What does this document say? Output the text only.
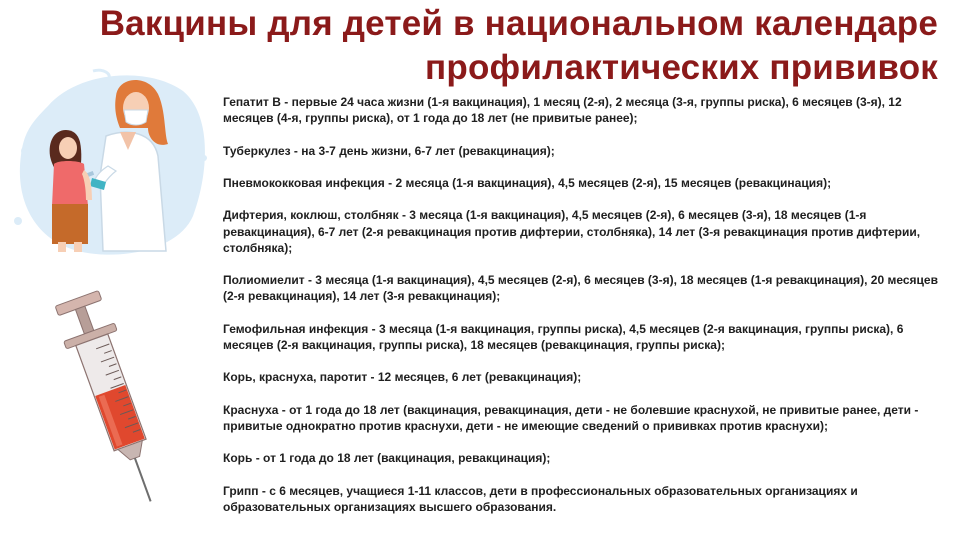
Вакцины для детей в национальном календаре
профилактических прививок

Гепатит В - первые 24 часа жизни (1-я вакцинация), 1 месяц (2-я), 2 месяца (3-я, группы риска), 6 месяцев (3-я), 12 месяцев (4-я, группы риска), от 1 года до 18 лет (не привитые ранее);

Туберкулез - на 3-7 день жизни, 6-7 лет (ревакцинация);

Пневмококковая инфекция - 2 месяца (1-я вакцинация), 4,5 месяцев (2-я), 15 месяцев (ревакцинация);

Дифтерия, коклюш, столбняк - 3 месяца (1-я вакцинация), 4,5 месяцев (2-я), 6 месяцев (3-я), 18 месяцев (1-я ревакцинация), 6-7 лет (2-я ревакцинация против дифтерии, столбняка), 14 лет (3-я ревакцинация против дифтерии, столбняка);

Полиомиелит - 3 месяца (1-я вакцинация), 4,5 месяцев (2-я), 6 месяцев (3-я), 18 месяцев (1-я ревакцинация), 20 месяцев (2-я ревакцинация), 14 лет (3-я ревакцинация);

Гемофильная инфекция - 3 месяца (1-я вакцинация, группы риска), 4,5 месяцев (2-я вакцинация, группы риска), 6 месяцев (2-я вакцинация, группы риска), 18 месяцев (ревакцинация, группы риска);

Корь, краснуха, паротит - 12 месяцев, 6 лет (ревакцинация);

Краснуха - от 1 года до 18 лет (вакцинация, ревакцинация, дети - не болевшие краснухой, не привитые ранее, дети - привитые однократно против краснухи, дети - не имеющие сведений о прививках против краснухи);

Корь - от 1 года до 18 лет (вакцинация, ревакцинация);

Грипп - с 6 месяцев, учащиеся 1-11 классов, дети в профессиональных образовательных организациях и образовательных организациях высшего образования.
